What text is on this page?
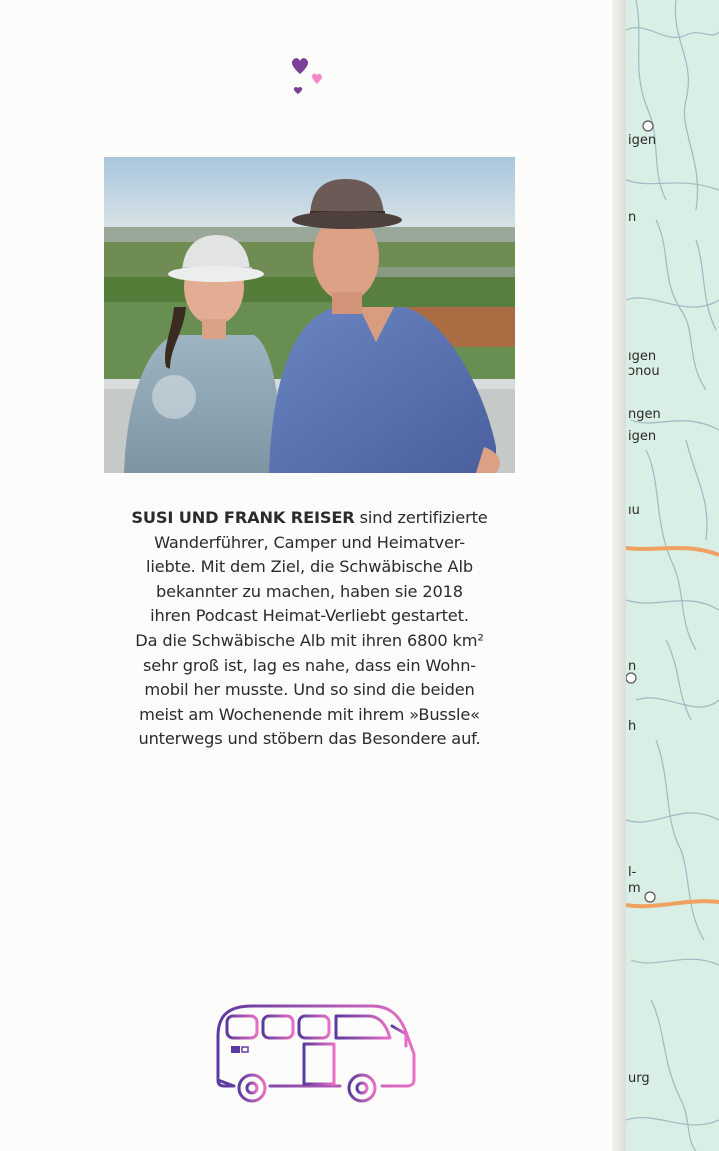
SUSI UND FRANK REISER sind zertifizierte
Wanderführer, Camper und Heimatver-
liebte. Mit dem Ziel, die Schwäbische Alb
bekannter zu machen, haben sie 2018
ihren Podcast Heimat-Verliebt gestartet.
Da die Schwäbische Alb mit ihren 6800 km²
sehr groß ist, lag es nahe, dass ein Wohn-
mobil her musste. Und so sind die beiden
meist am Wochenende mit ihrem »Bussle«
unterwegs und stöbern das Besondere auf.
igen
n
ıgen
ɔnou
ngen
igen
ıu
n
h
l-
m
urg
